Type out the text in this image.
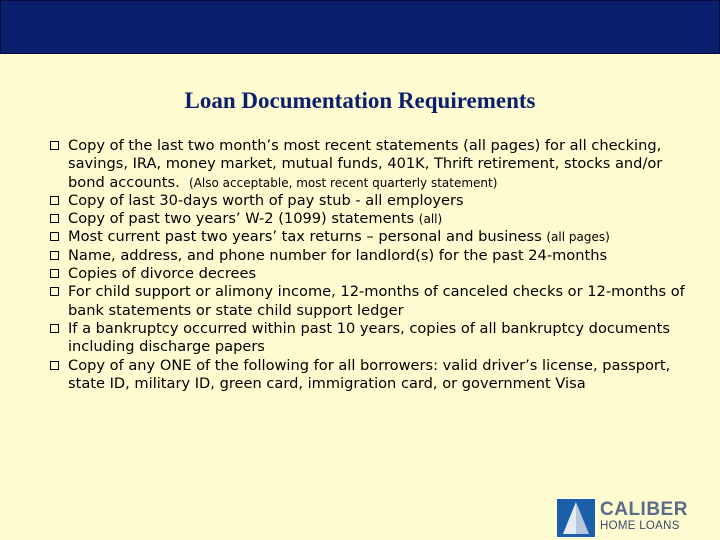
Loan Documentation Requirements
Copy of the last two month’s most recent statements (all pages) for all checking, savings, IRA, money market, mutual funds, 401K, Thrift retirement, stocks and/or bond accounts. (Also acceptable, most recent quarterly statement)
Copy of last 30-days worth of pay stub - all employers
Copy of past two years’ W-2 (1099) statements (all)
Most current past two years’ tax returns – personal and business (all pages)
Name, address, and phone number for landlord(s) for the past 24-months
Copies of divorce decrees
For child support or alimony income, 12-months of canceled checks or 12-months of bank statements or state child support ledger
If a bankruptcy occurred within past 10 years, copies of all bankruptcy documents including discharge papers
Copy of any ONE of the following for all borrowers: valid driver’s license, passport, state ID, military ID, green card, immigration card, or government Visa
CALIBER
HOME LOANS
